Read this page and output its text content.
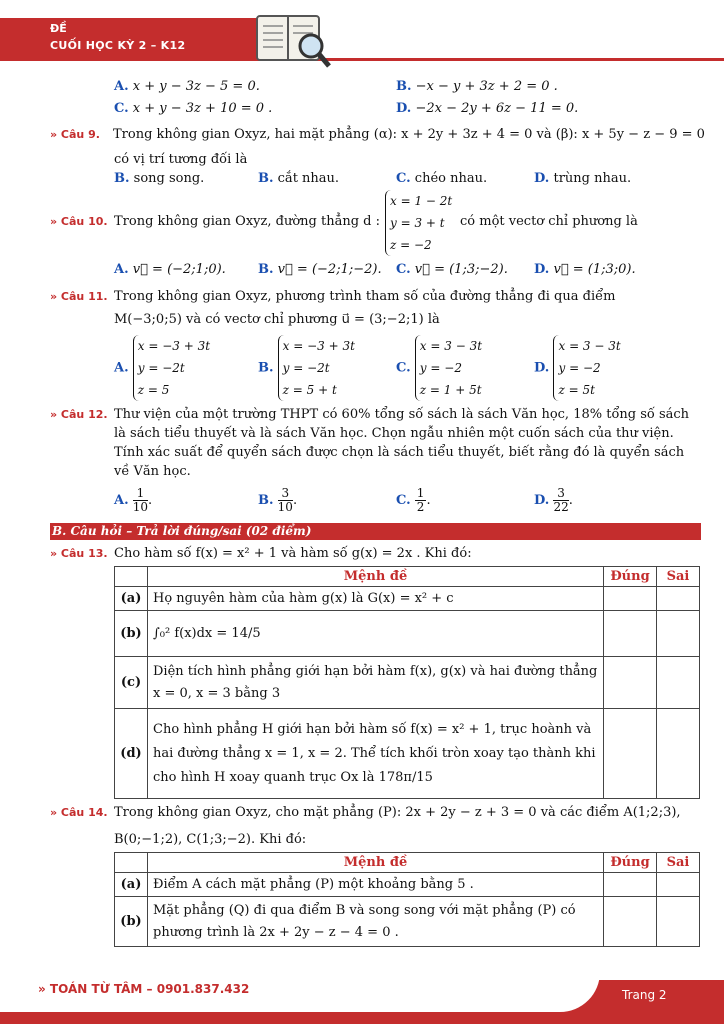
ĐỀ
CUỐI HỌC KỲ 2 – K12
A. x + y − 3z − 5 = 0.	B. −x − y + 3z + 2 = 0 .
C. x + y − 3z + 10 = 0 .	D. −2x − 2y + 6z − 11 = 0.
» Câu 9. Trong không gian Oxyz, hai mặt phẳng (α): x + 2y + 3z + 4 = 0 và (β): x + 5y − z − 9 = 0
có vị trí tương đối là
B. song song.	B. cắt nhau.	C. chéo nhau.	D. trùng nhau.
» Câu 10. Trong không gian Oxyz, đường thẳng d :
x = 1 − 2t
y = 3 + t
z = −2
có một vectơ chỉ phương là
A. v⃗ = (−2;1;0). B. v⃗ = (−2;1;−2). C. v⃗ = (1;3;−2). D. v⃗ = (1;3;0).
» Câu 11. Trong không gian Oxyz, phương trình tham số của đường thẳng đi qua điểm
M(−3;0;5) và có vectơ chỉ phương u⃗ = (3;−2;1) là
A.
x = −3 + 3t
y = −2t
z = 5
B.
x = −3 + 3t
y = −2t
z = 5 + t
C.
x = 3 − 3t
y = −2
z = 1 + 5t
D.
x = 3 − 3t
y = −2
z = 5t
» Câu 12. Thư viện của một trường THPT có 60% tổng số sách là sách Văn học, 18% tổng số sách
là sách tiểu thuyết và là sách Văn học. Chọn ngẫu nhiên một cuốn sách của thư viện.
Tính xác suất để quyển sách được chọn là sách tiểu thuyết, biết rằng đó là quyển sách
về Văn học.
A. $\frac{1}{10}$ .	B. $\frac{3}{10}$ .	C. $\frac{1}{2}$ .	D. $\frac{3}{22}$ .
B. Câu hỏi – Trả lời đúng/sai (02 điểm)
» Câu 13. Cho hàm số f(x) = x² + 1 và hàm số g(x) = 2x . Khi đó:
	Mệnh đề	Đúng	Sai
(a)	Họ nguyên hàm của hàm g(x) là G(x) = x² + c		
(b)	∫₀² f(x)dx = 14/5		
(c)	Diện tích hình phẳng giới hạn bởi hàm f(x), g(x) và hai đường thẳng x = 0, x = 3 bằng 3		
(d)	Cho hình phẳng H giới hạn bởi hàm số f(x) = x² + 1, trục hoành và hai đường thẳng x = 1, x = 2. Thể tích khối tròn xoay tạo thành khi cho hình H xoay quanh trục Ox là 178π/15		
» Câu 14. Trong không gian Oxyz, cho mặt phẳng (P): 2x + 2y − z + 3 = 0 và các điểm A(1;2;3),
B(0;−1;2), C(1;3;−2). Khi đó:
	Mệnh đề	Đúng	Sai
(a)	Điểm A cách mặt phẳng (P) một khoảng bằng 5 .		
(b)	Mặt phẳng (Q) đi qua điểm B và song song với mặt phẳng (P) có phương trình là 2x + 2y − z − 4 = 0 .		
» TOÁN TỪ TÂM – 0901.837.432	Trang 2
